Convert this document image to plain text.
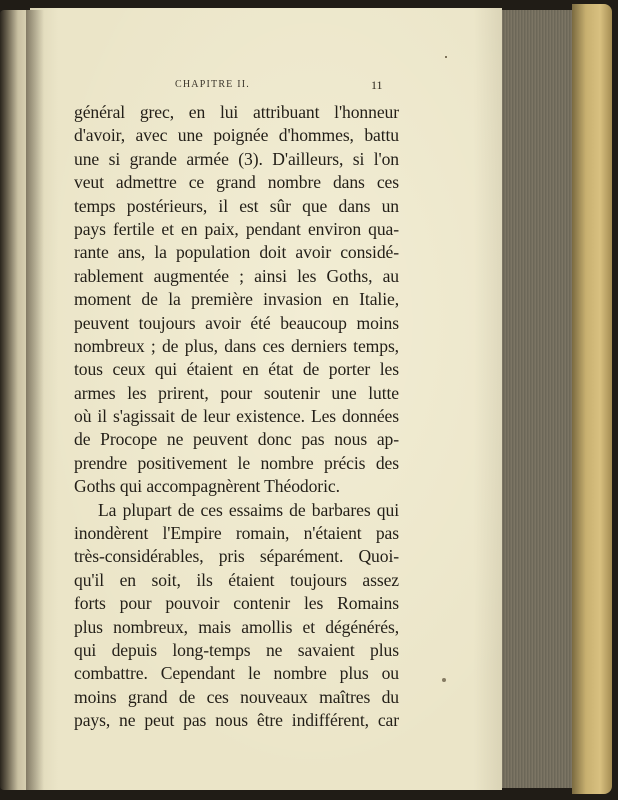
CHAPITRE II.	11
général grec, en lui attribuant l'honneur
d'avoir, avec une poignée d'hommes, battu
une si grande armée (3). D'ailleurs, si l'on
veut admettre ce grand nombre dans ces
temps postérieurs, il est sûr que dans un
pays fertile et en paix, pendant environ qua-
rante ans, la population doit avoir considé-
rablement augmentée ; ainsi les Goths, au
moment de la première invasion en Italie,
peuvent toujours avoir été beaucoup moins
nombreux ; de plus, dans ces derniers temps,
tous ceux qui étaient en état de porter les
armes les prirent, pour soutenir une lutte
où il s'agissait de leur existence. Les données
de Procope ne peuvent donc pas nous ap-
prendre positivement le nombre précis des
Goths qui accompagnèrent Théodoric.
La plupart de ces essaims de barbares qui
inondèrent l'Empire romain, n'étaient pas
très-considérables, pris séparément. Quoi-
qu'il en soit, ils étaient toujours assez
forts pour pouvoir contenir les Romains
plus nombreux, mais amollis et dégénérés,
qui depuis long-temps ne savaient plus
combattre. Cependant le nombre plus ou
moins grand de ces nouveaux maîtres du
pays, ne peut pas nous être indifférent, car
